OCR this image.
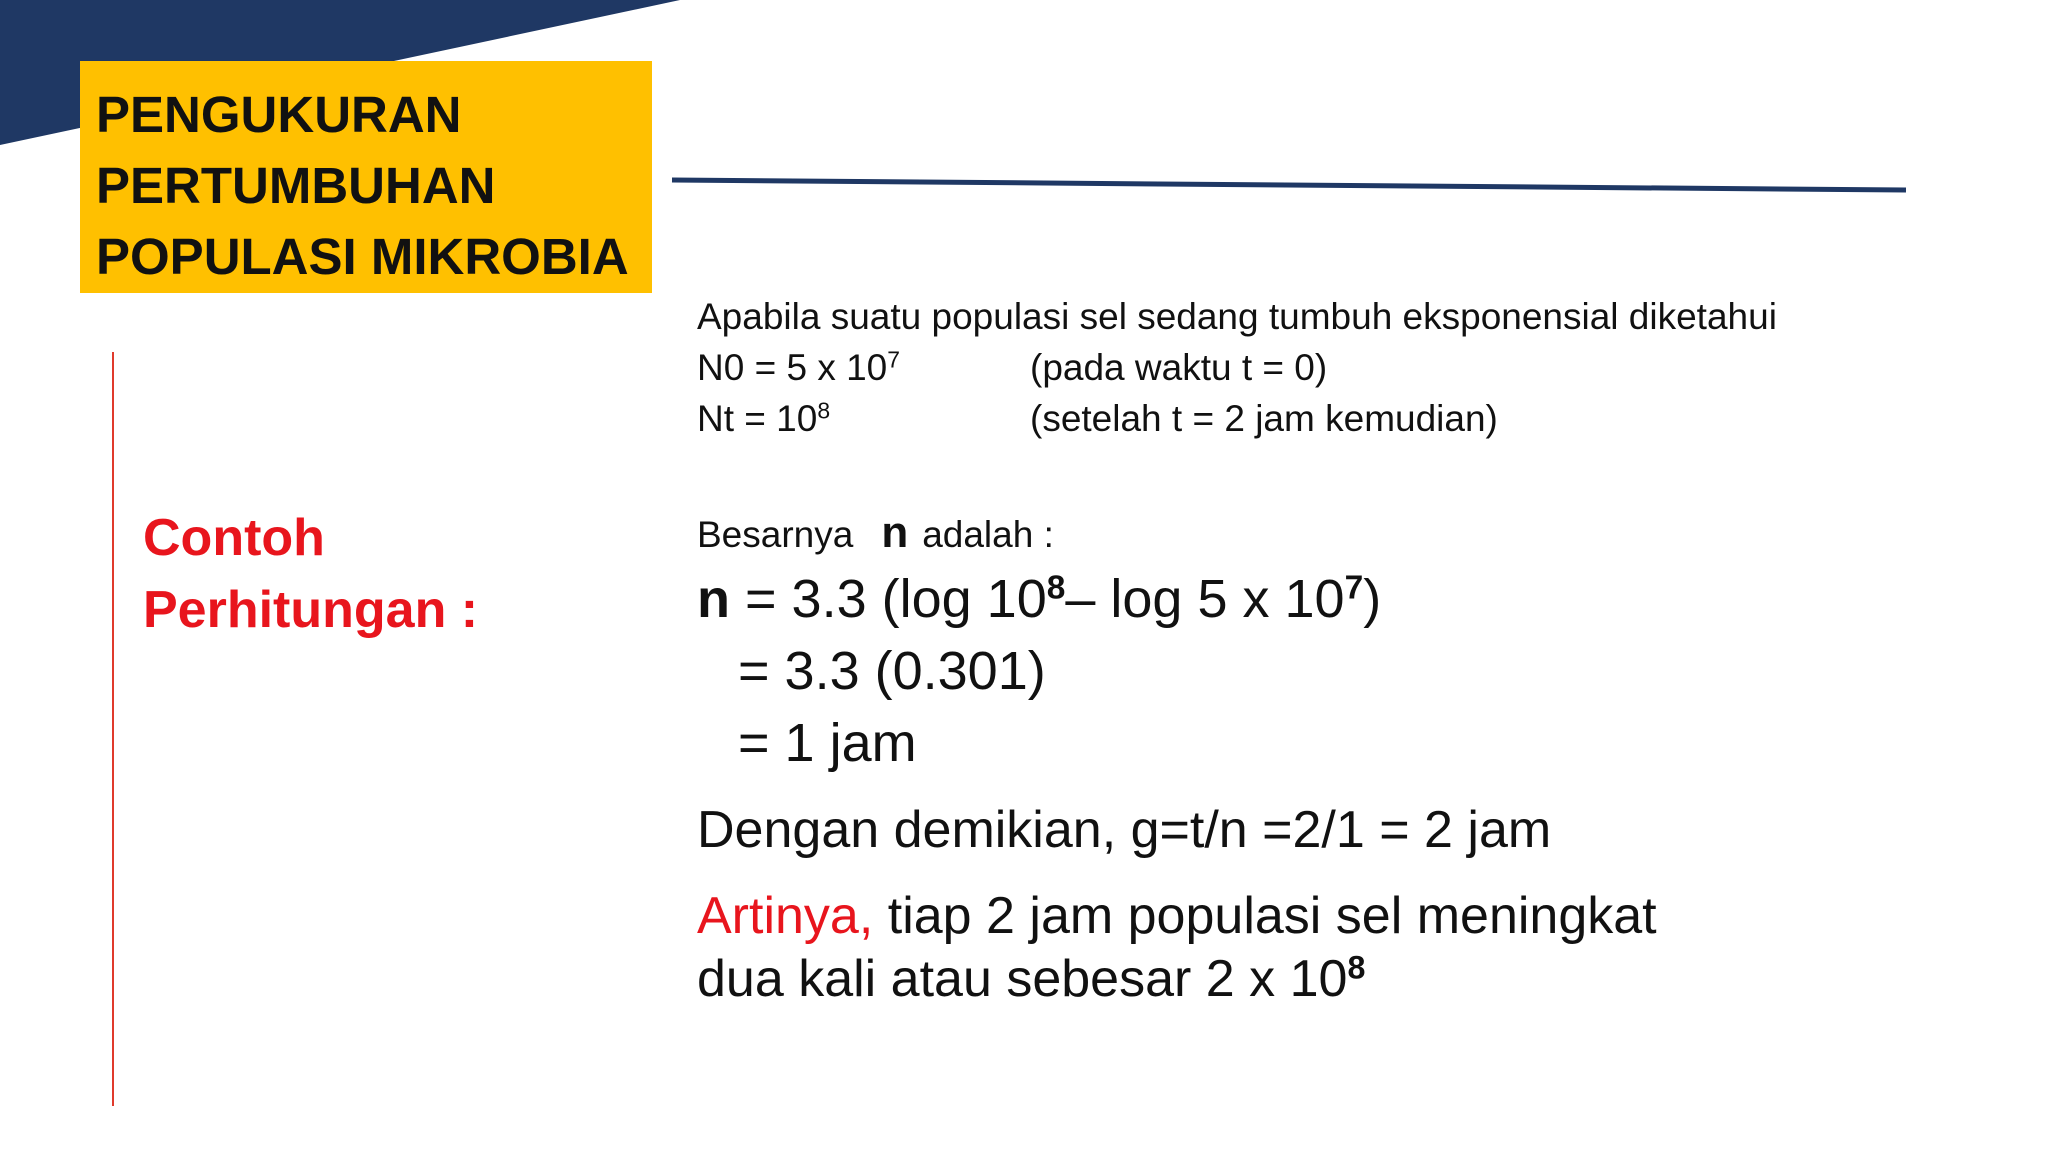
PENGUKURAN
PERTUMBUHAN
POPULASI MIKROBIA
Contoh
Perhitungan :
Apabila suatu populasi sel sedang tumbuh eksponensial diketahui
N0 = 5 x $10^7$	(pada waktu t = 0)
$Nt = 10^8$	(setelah t = 2 jam kemudian)
Besarnya n adalah :
n = 3.3 (log $10^8-$ log 5 x $10^7$)
= 3.3 (0.301)
= 1 jam
Dengan demikian, g=t/n =2/1 = 2 jam
Artinya, tiap 2 jam populasi sel meningkat
dua kali atau sebesar 2 x $10^8$
